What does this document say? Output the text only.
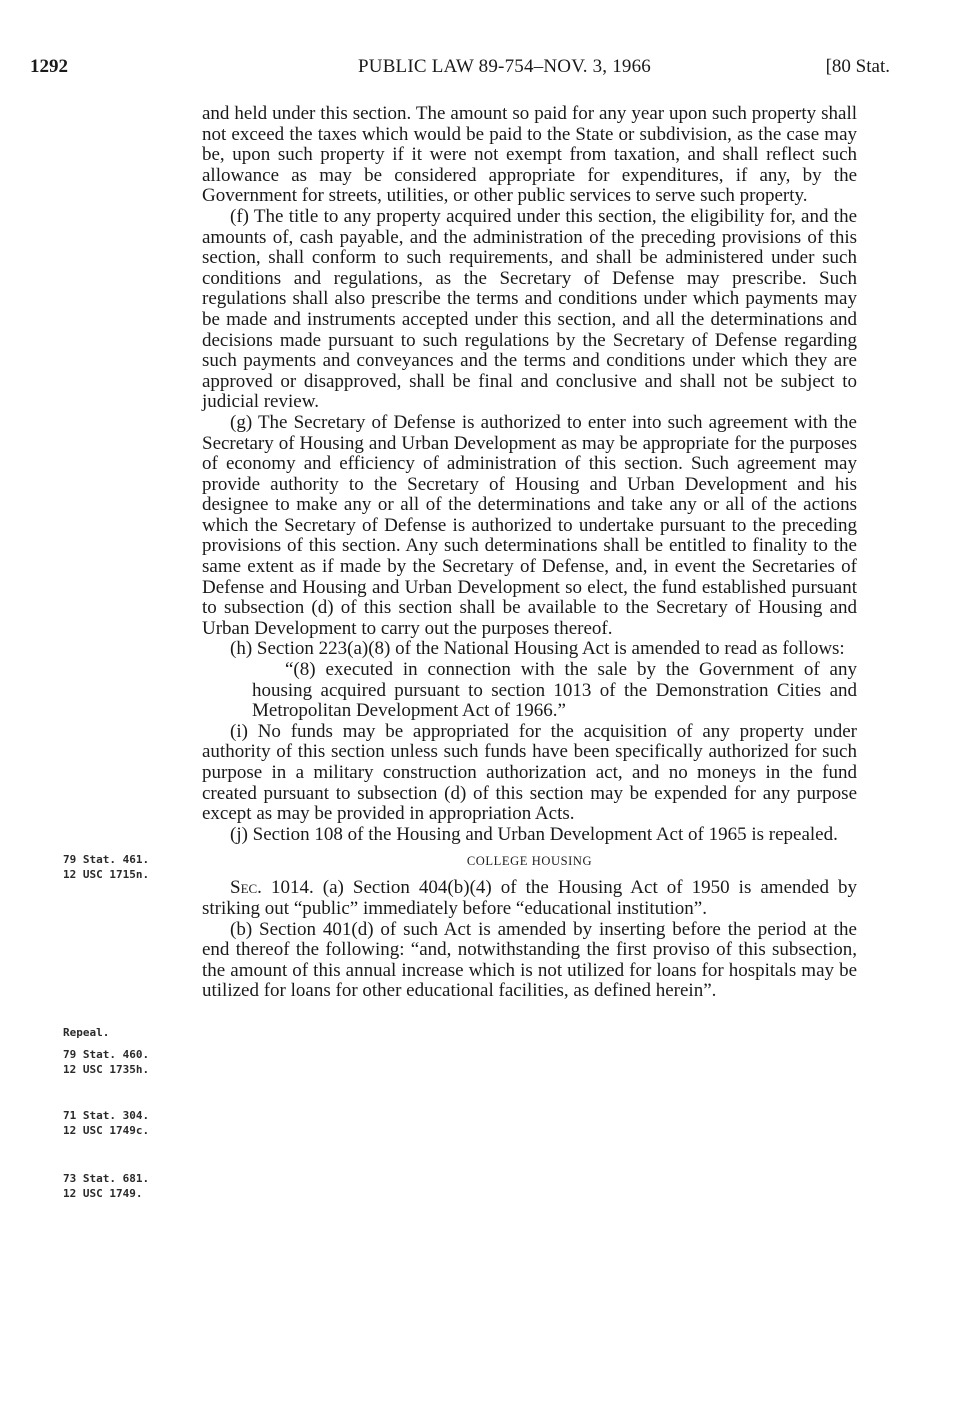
1292	PUBLIC LAW 89-754–NOV. 3, 1966	[80 Stat.

and held under this section. The amount so paid for any year upon such property shall not exceed the taxes which would be paid to the State or subdivision, as the case may be, upon such property if it were not exempt from taxation, and shall reflect such allowance as may be considered appropriate for expenditures, if any, by the Government for streets, utilities, or other public services to serve such property.

(f) The title to any property acquired under this section, the eligibility for, and the amounts of, cash payable, and the administration of the preceding provisions of this section, shall conform to such requirements, and shall be administered under such conditions and regulations, as the Secretary of Defense may prescribe. Such regulations shall also prescribe the terms and conditions under which payments may be made and instruments accepted under this section, and all the determinations and decisions made pursuant to such regulations by the Secretary of Defense regarding such payments and conveyances and the terms and conditions under which they are approved or disapproved, shall be final and conclusive and shall not be subject to judicial review.

(g) The Secretary of Defense is authorized to enter into such agreement with the Secretary of Housing and Urban Development as may be appropriate for the purposes of economy and efficiency of administration of this section. Such agreement may provide authority to the Secretary of Housing and Urban Development and his designee to make any or all of the determinations and take any or all of the actions which the Secretary of Defense is authorized to undertake pursuant to the preceding provisions of this section. Any such determinations shall be entitled to finality to the same extent as if made by the Secretary of Defense, and, in event the Secretaries of Defense and Housing and Urban Development so elect, the fund established pursuant to subsection (d) of this section shall be available to the Secretary of Housing and Urban Development to carry out the purposes thereof.

(h) Section 223(a)(8) of the National Housing Act is amended to read as follows:

“(8) executed in connection with the sale by the Government of any housing acquired pursuant to section 1013 of the Demonstration Cities and Metropolitan Development Act of 1966.”

(i) No funds may be appropriated for the acquisition of any property under authority of this section unless such funds have been specifically authorized for such purpose in a military construction authorization act, and no moneys in the fund created pursuant to subsection (d) of this section may be expended for any purpose except as may be provided in appropriation Acts.

(j) Section 108 of the Housing and Urban Development Act of 1965 is repealed.

COLLEGE HOUSING

Sec. 1014. (a) Section 404(b)(4) of the Housing Act of 1950 is amended by striking out “public” immediately before “educational institution”.

(b) Section 401(d) of such Act is amended by inserting before the period at the end thereof the following: “and, notwithstanding the first proviso of this subsection, the amount of this annual increase which is not utilized for loans for hospitals may be utilized for loans for other educational facilities, as defined herein”.

79 Stat. 461.
12 USC 1715n.
Repeal.
79 Stat. 460.
12 USC 1735h.
71 Stat. 304.
12 USC 1749c.
73 Stat. 681.
12 USC 1749.
